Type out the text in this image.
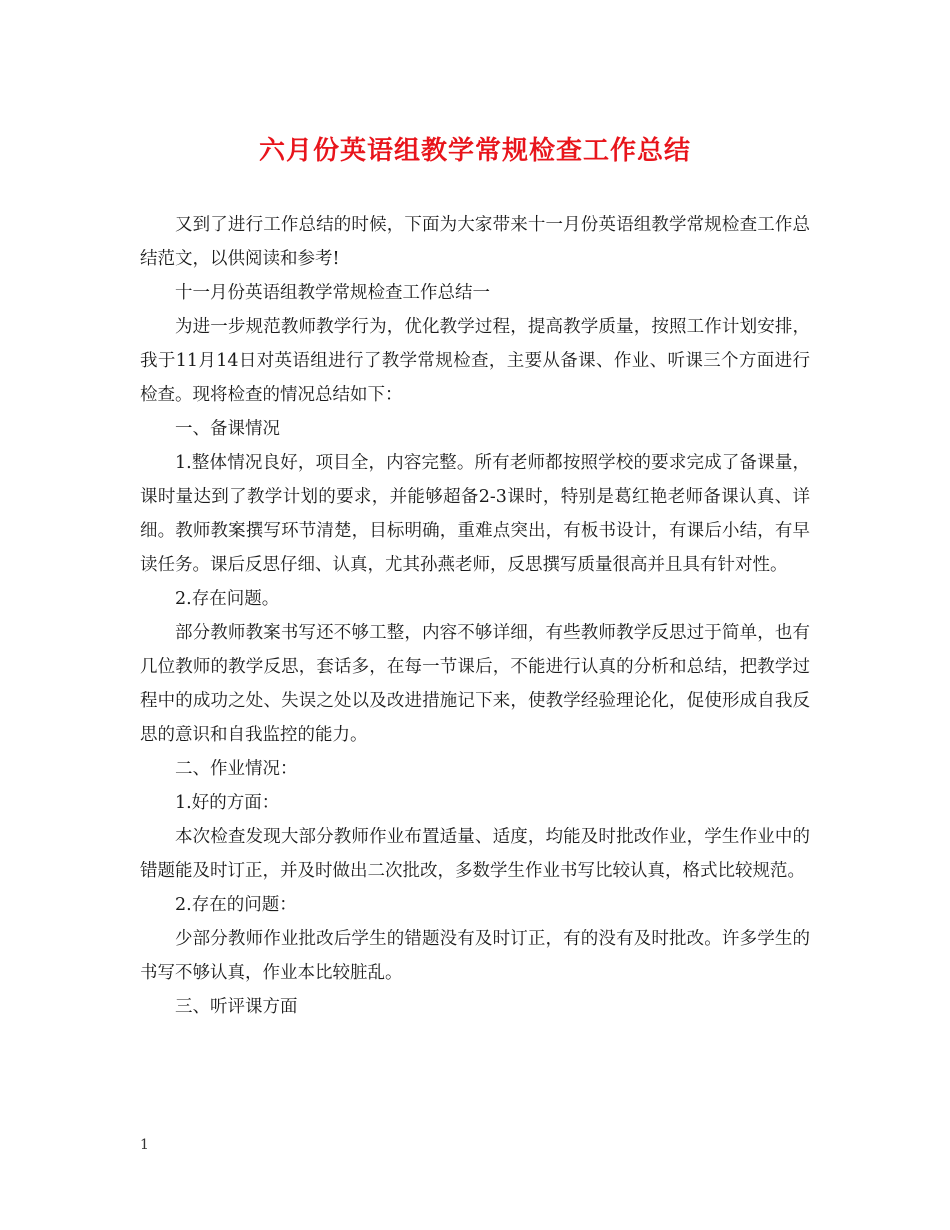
六月份英语组教学常规检查工作总结

又到了进行工作总结的时候，下面为大家带来十一月份英语组教学常规检查工作总结范文，以供阅读和参考!

十一月份英语组教学常规检查工作总结一

为进一步规范教师教学行为，优化教学过程，提高教学质量，按照工作计划安排，我于11月14日对英语组进行了教学常规检查，主要从备课、作业、听课三个方面进行检查。现将检查的情况总结如下：

一、备课情况

1.整体情况良好，项目全，内容完整。所有老师都按照学校的要求完成了备课量，课时量达到了教学计划的要求，并能够超备2-3课时，特别是葛红艳老师备课认真、详细。教师教案撰写环节清楚，目标明确，重难点突出，有板书设计，有课后小结，有早读任务。课后反思仔细、认真，尤其孙燕老师，反思撰写质量很高并且具有针对性。

2.存在问题。

部分教师教案书写还不够工整，内容不够详细，有些教师教学反思过于简单，也有几位教师的教学反思，套话多，在每一节课后，不能进行认真的分析和总结，把教学过程中的成功之处、失误之处以及改进措施记下来，使教学经验理论化，促使形成自我反思的意识和自我监控的能力。

二、作业情况：

1.好的方面：

本次检查发现大部分教师作业布置适量、适度，均能及时批改作业，学生作业中的错题能及时订正，并及时做出二次批改，多数学生作业书写比较认真，格式比较规范。

2.存在的问题：

少部分教师作业批改后学生的错题没有及时订正，有的没有及时批改。许多学生的书写不够认真，作业本比较脏乱。

三、听评课方面

1
